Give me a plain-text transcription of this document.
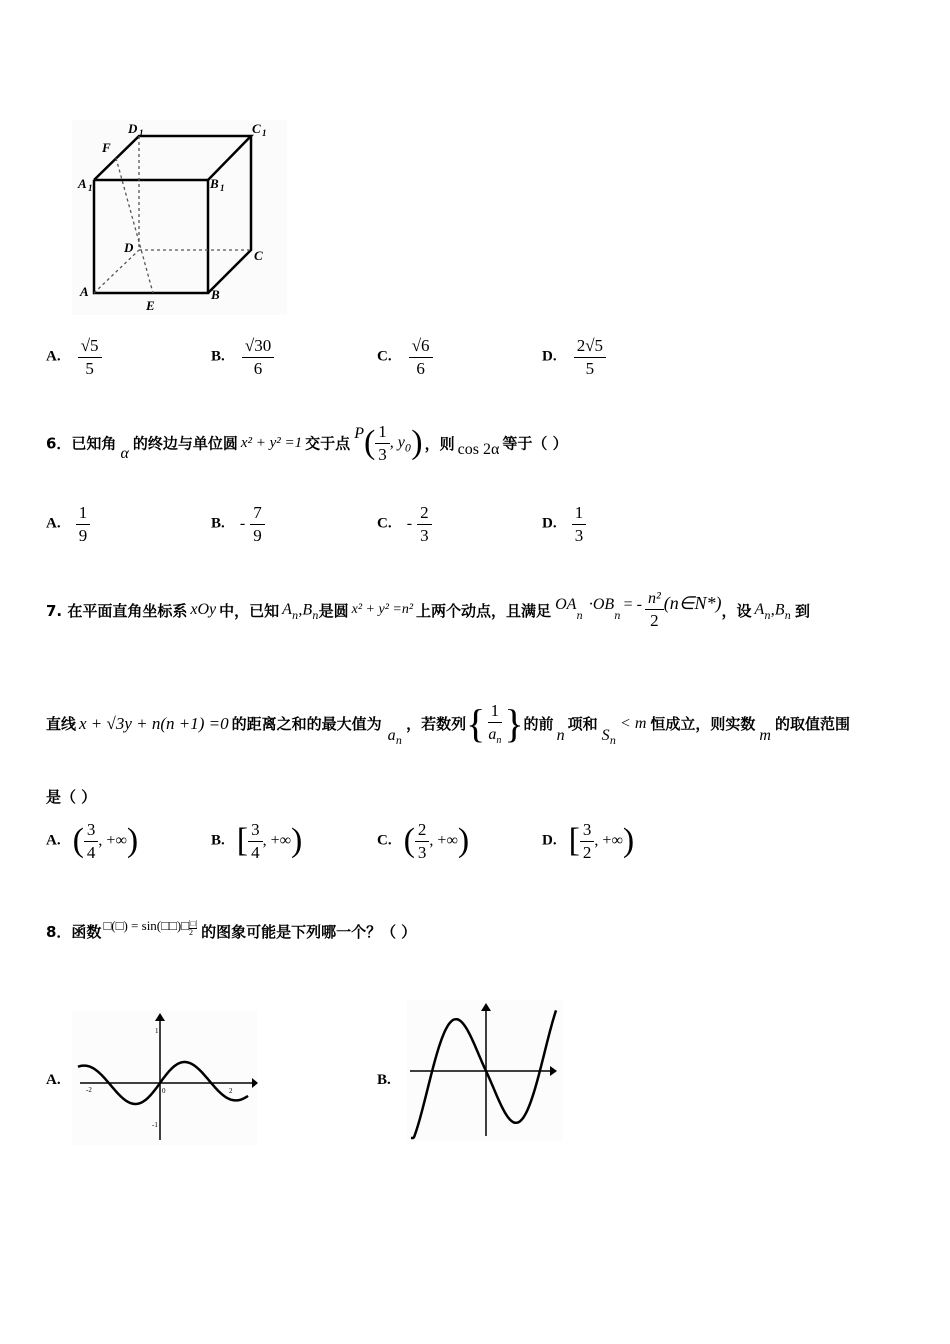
D 1	C 1
F
A 1	B 1
D
C
A
E
B
A. $\frac{√5}{5}$	B. $\frac{√30}{6}$	C. $\frac{√6}{6}$	D. $\frac{2√5}{5}$
6．已知角α的终边与单位圆 x² + y² =1 交于点$P( \frac{1}{3}$ , $y_0$) ，则 cos 2α 等于（ ）
A. $\frac{1}{9}$	B. - $\frac{7}{9}$	C. - $\frac{2}{3}$	D. $\frac{1}{3}$
7. 在平面直角坐标系 xOy 中，已知 $A_n,B_n$是圆 x² + y² =n² 上两个动点，且满足 $OA_n\cdot OB_n= - \frac{\text{n²}}{2}$ (n∈N*)，设 $A_n,B_n$ 到
直线 x + √3y + n(n +1) =0 的距离之和的最大值为$a_n$，若数列{ $\frac{1}{a_n}$ }的前n项和$S_n< m$ 恒成立，则实数m的取值范围
是（ ）
A. ( $\frac{3}{4}$ , +∞)	B. [ $\frac{3}{4}$ , +∞)	C. ( $\frac{2}{3}$ , +∞)	D. [ $\frac{3}{2}$ , +∞)
8．函数 $^{□(□) = sin(□□)□}$ |□|
2 的图象可能是下列哪一个？（ ）
A.	B.
1
-1
-2	2
0
